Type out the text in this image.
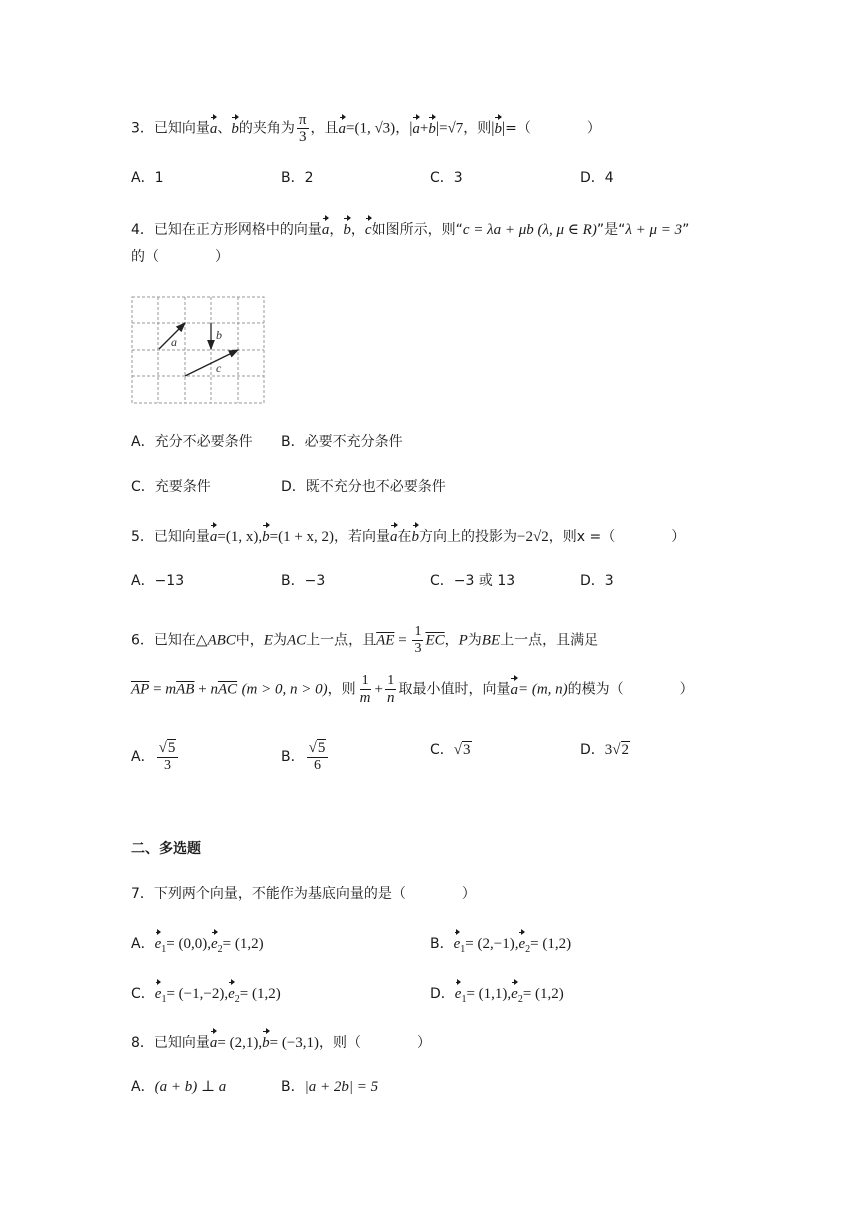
3．已知向量a、b的夹角为 $\frac{\pi}{3}$ ，且a=(1, √3)，|a+b|=√7，则|b|=（　　　　）
A．1	B．2	C．3	D．4
4．已知在正方形网格中的向量a，b，c如图所示，则“c = λa + μb (λ, μ ∈ R)”是“λ + μ = 3”
的（　　　　）
a	b
c
A．充分不必要条件 B．必要不充分条件
C．充要条件	D．既不充分也不必要条件
5．已知向量a=(1, x),b=(1 + x, 2)，若向量a在b方向上的投影为−2√2，则x =（　　　　）
A．−13	B．−3	C．−3 或 13	D．3
6．已知在△ABC中，E为AC上一点，且$\overline{AE} = \frac{1}{3} \overline{EC}$，P为BE上一点，且满足
$\overline{AP} = m\overline{AB} + n\overline{AC}$ (m > 0, n > 0)，则 $\frac{1}{m} + \frac{1}{n}$ 取最小值时，向量a= (m, n)的模为（　　　　）
A． $\frac{√5}{3}$	B． $\frac{√5}{6}$	C．√3	D．3√2
二、多选题
7．下列两个向量，不能作为基底向量的是（　　　　）
A．$e_1= (0,0),e_2= (1,2)$	B．$e_1= (2,-1),e_2= (1,2)$
C．$e_1= (-1,-2),e_2= (1,2)$	D．$e_1= (1,1),e_2= (1,2)$
8．已知向量a= (2,1),b= (−3,1)，则（　　　　）
A．(a + b) ⊥ a	B．|a + 2b| = 5
